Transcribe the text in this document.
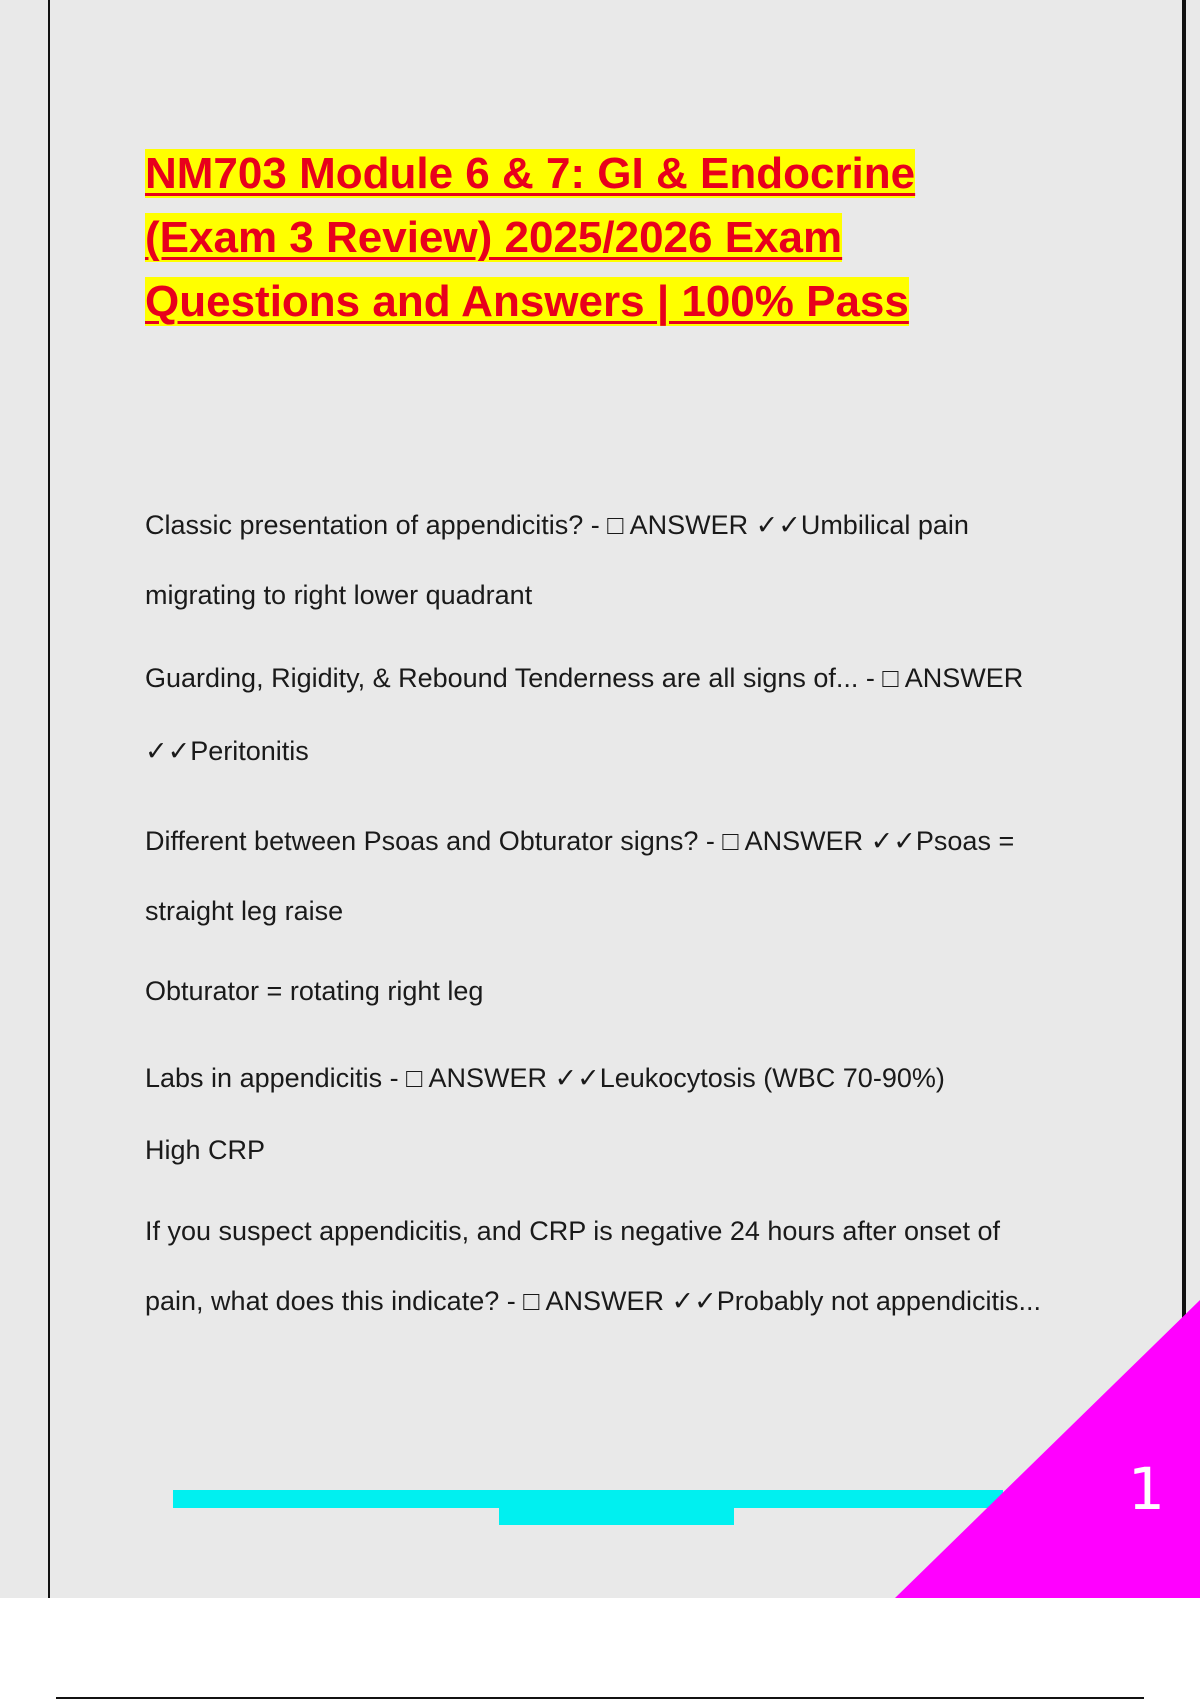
NM703 Module 6 & 7: GI & Endocrine
(Exam 3 Review) 2025/2026 Exam
Questions and Answers | 100% Pass

Classic presentation of appendicitis? - □ ANSWER ✓✓Umbilical pain

migrating to right lower quadrant

Guarding, Rigidity, & Rebound Tenderness are all signs of... - □ ANSWER

✓✓Peritonitis

Different between Psoas and Obturator signs? - □ ANSWER ✓✓Psoas =

straight leg raise

Obturator = rotating right leg

Labs in appendicitis - □ ANSWER ✓✓Leukocytosis (WBC 70-90%)

High CRP

If you suspect appendicitis, and CRP is negative 24 hours after onset of

pain, what does this indicate? - □ ANSWER ✓✓Probably not appendicitis...

1
